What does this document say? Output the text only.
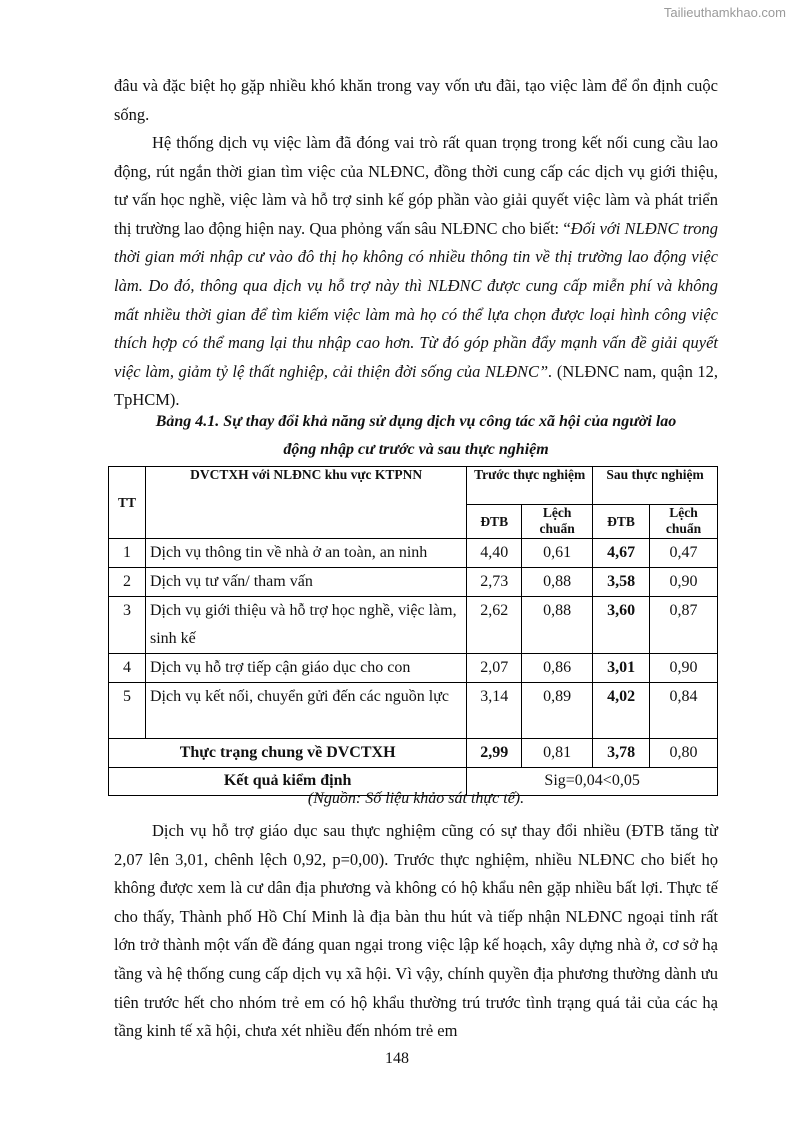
Tailieuthamkhao.com

đâu và đặc biệt họ gặp nhiều khó khăn trong vay vốn ưu đãi, tạo việc làm để ổn định cuộc sống.

Hệ thống dịch vụ việc làm đã đóng vai trò rất quan trọng trong kết nối cung cầu lao động, rút ngắn thời gian tìm việc của NLĐNC, đồng thời cung cấp các dịch vụ giới thiệu, tư vấn học nghề, việc làm và hỗ trợ sinh kế góp phần vào giải quyết việc làm và phát triển thị trường lao động hiện nay. Qua phỏng vấn sâu NLĐNC cho biết: “Đối với NLĐNC trong thời gian mới nhập cư vào đô thị họ không có nhiều thông tin về thị trường lao động việc làm. Do đó, thông qua dịch vụ hỗ trợ này thì NLĐNC được cung cấp miễn phí và không mất nhiều thời gian để tìm kiếm việc làm mà họ có thể lựa chọn được loại hình công việc thích hợp có thể mang lại thu nhập cao hơn. Từ đó góp phần đẩy mạnh vấn đề giải quyết việc làm, giảm tỷ lệ thất nghiệp, cải thiện đời sống của NLĐNC”. (NLĐNC nam, quận 12, TpHCM).

Bảng 4.1. Sự thay đổi khả năng sử dụng dịch vụ công tác xã hội của người lao
động nhập cư trước và sau thực nghiệm

TT	DVCTXH với NLĐNC khu vực KTPNN	Trước thực nghiệm		Sau thực nghiệm	
		ĐTB	Lệch chuẩn	ĐTB	Lệch chuẩn
1	Dịch vụ thông tin về nhà ở an toàn, an ninh	4,40	0,61	4,67	0,47
2	Dịch vụ tư vấn/ tham vấn	2,73	0,88	3,58	0,90
3	Dịch vụ giới thiệu và hỗ trợ học nghề, việc làm, sinh kế	2,62	0,88	3,60	0,87
4	Dịch vụ hỗ trợ tiếp cận giáo dục cho con	2,07	0,86	3,01	0,90
5	Dịch vụ kết nối, chuyển gửi đến các nguồn lực	3,14	0,89	4,02	0,84
Thực trạng chung về DVCTXH		2,99	0,81	3,78	0,80
Kết quả kiểm định		Sig=0,04<0,05			
(Nguồn: Số liệu khảo sát thực tế).

Dịch vụ hỗ trợ giáo dục sau thực nghiệm cũng có sự thay đổi nhiều (ĐTB tăng từ 2,07 lên 3,01, chênh lệch 0,92, p=0,00). Trước thực nghiệm, nhiều NLĐNC cho biết họ không được xem là cư dân địa phương và không có hộ khẩu nên gặp nhiều bất lợi. Thực tế cho thấy, Thành phố Hồ Chí Minh là địa bàn thu hút và tiếp nhận NLĐNC ngoại tỉnh rất lớn trở thành một vấn đề đáng quan ngại trong việc lập kế hoạch, xây dựng nhà ở, cơ sở hạ tầng và hệ thống cung cấp dịch vụ xã hội. Vì vậy, chính quyền địa phương thường dành ưu tiên trước hết cho nhóm trẻ em có hộ khẩu thường trú trước tình trạng quá tải của các hạ tầng kinh tế xã hội, chưa xét nhiều đến nhóm trẻ em

148
